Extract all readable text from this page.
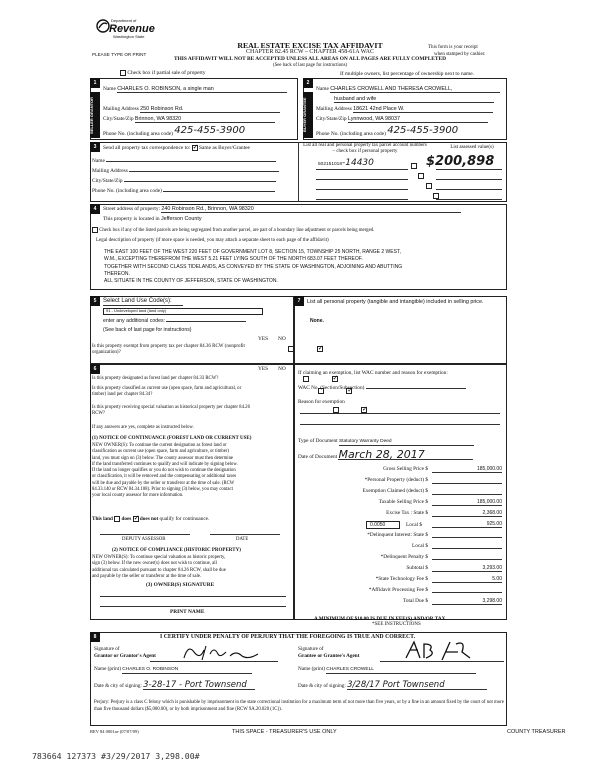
Department of
Revenue
Washington State
PLEASE TYPE OR PRINT
REAL ESTATE EXCISE TAX AFFIDAVIT
CHAPTER 82.45 RCW – CHAPTER 458-61A WAC
THIS AFFIDAVIT WILL NOT BE ACCEPTED UNLESS ALL AREAS ON ALL PAGES ARE FULLY COMPLETED
(See back of last page for instructions)
This form is your receipt
when stamped by cashier.
Check box if partial sale of property	If multiple owners, list percentage of ownership next to name.
1
SELLER GRANTOR
Name CHARLES O. ROBINSON, a single man
Mailing Address 250 Robinson Rd.
City/State/Zip Brinnon, WA 98320
Phone No. (including area code) 425-455-3900
2
BUYER GRANTEE
Name CHARLES CROWELL AND THERESA CROWELL,
husband and wife
Mailing Address 18621 42nd Place W.
City/State/Zip Lynnwood, WA 98037
Phone No. (including area code) 425-455-3900
3	Send all property tax correspondence to: ✓ Same as Buyer/Grantee
Name
Mailing Address
City/State/Zip
Phone No. (including area code)
List all real and personal property tax parcel account numbers – check box if personal property
List assessed value(s)
502151018 -14430	$200,898

4	Street address of property: 240 Robinson Rd., Brinnon, WA 98320
This property is located in Jefferson County
Check box if any of the listed parcels are being segregated from another parcel, are part of a boundary line adjustment or parcels being merged.
Legal description of property (if more space is needed, you may attach a separate sheet to each page of the affidavit)
THE EAST 100 FEET OF THE WEST 220 FEET OF GOVERNMENT LOT 8, SECTION 15, TOWNSHIP 25 NORTH, RANGE 2 WEST,
W.M., EXCEPTING THEREFROM THE WEST 5.21 FEET LYING SOUTH OF THE NORTH 683.07 FEET THEREOF.
TOGETHER WITH SECOND CLASS TIDELANDS, AS CONVEYED BY THE STATE OF WASHINGTON, ADJOINING AND ABUTTING
THEREON.
ALL SITUATE IN THE COUNTY OF JEFFERSON, STATE OF WASHINGTON.
5	Select Land Use Code(s):
91 - Undeveloped land (land only)
enter any additional codes:
(See back of last page for instructions)
YES NO
Is this property exempt from property tax per chapter 84.36 RCW (nonprofit organization)?
✓
7	List all personal property (tangible and intangible) included in selling price.
None.
6	YES NO
Is this property designated as forest land per chapter 84.33 RCW?
✓
Is this property classified as current use (open space, farm and agricultural, or timber) land per chapter 84.34?
✓
Is this property receiving special valuation as historical property per chapter 84.26 RCW?
✓
If any answers are yes, complete as instructed below.
(1) NOTICE OF CONTINUANCE (FOREST LAND OR CURRENT USE)
NEW OWNER(S): To continue the current designation as forest land or
classification as current use (open space, farm and agriculture, or timber)
land, you must sign on (3) below. The county assessor must then determine
if the land transferred continues to qualify and will indicate by signing below.
If the land no longer qualifies or you do not wish to continue the designation
or classification, it will be removed and the compensating or additional taxes
will be due and payable by the seller or transferor at the time of sale. (RCW
84.33.140 or RCW 84.34.108). Prior to signing (3) below, you may contact
your local county assessor for more information.
This land does ✓ does not qualify for continuance.
DEPUTY ASSESSOR	DATE
(2) NOTICE OF COMPLIANCE (HISTORIC PROPERTY)
NEW OWNER(S): To continue special valuation as historic property,
sign (3) below. If the new owner(s) does not wish to continue, all
additional tax calculated pursuant to chapter 84.26 RCW, shall be due
and payable by the seller or transferor at the time of sale.
(3) OWNER(S) SIGNATURE
PRINT NAME
If claiming an exemption, list WAC number and reason for exemption:
WAC No. (Section/Subsection)
Reason for exemption
Type of Document Statutory Warranty Deed
Date of Document March 28, 2017
Gross Selling Price $	185,000.00
*Personal Property (deduct) $
Exemption Claimed (deduct) $
Taxable Selling Price $	185,000.00
Excise Tax : State $	2,368.00
0.0050	Local $	925.00
*Delinquent Interest: State $
Local $
*Delinquent Penalty $
Subtotal $	3,293.00
*State Technology Fee $	5.00
*Affidavit Processing Fee $
Total Due $	3,298.00
A MINIMUM OF $10.00 IS DUE IN FEE(S) AND/OR TAX
*SEE INSTRUCTIONS
8	I CERTIFY UNDER PENALTY OF PERJURY THAT THE FOREGOING IS TRUE AND CORRECT.
Signature of
Grantor or Grantor's Agent
Name (print) CHARLES O. ROBINSON
Date & city of signing: 3-28-17 - Port Townsend
Signature of
Grantee or Grantee's Agent
Name (print) CHARLES CROWELL
Date & city of signing: 3/28/17 Port Townsend
Perjury: Perjury is a class C felony which is punishable by imprisonment in the state correctional institution for a maximum term of not more than five years, or by a fine in an amount fixed by the court of not more than five thousand dollars ($5,000.00), or by both imprisonment and fine (RCW 9A.20.020 (1C)).
REV 84 0001ae (07/07/09)	THIS SPACE - TREASURER'S USE ONLY	COUNTY TREASURER
783664 127373 #3/29/2017 3,298.00#
